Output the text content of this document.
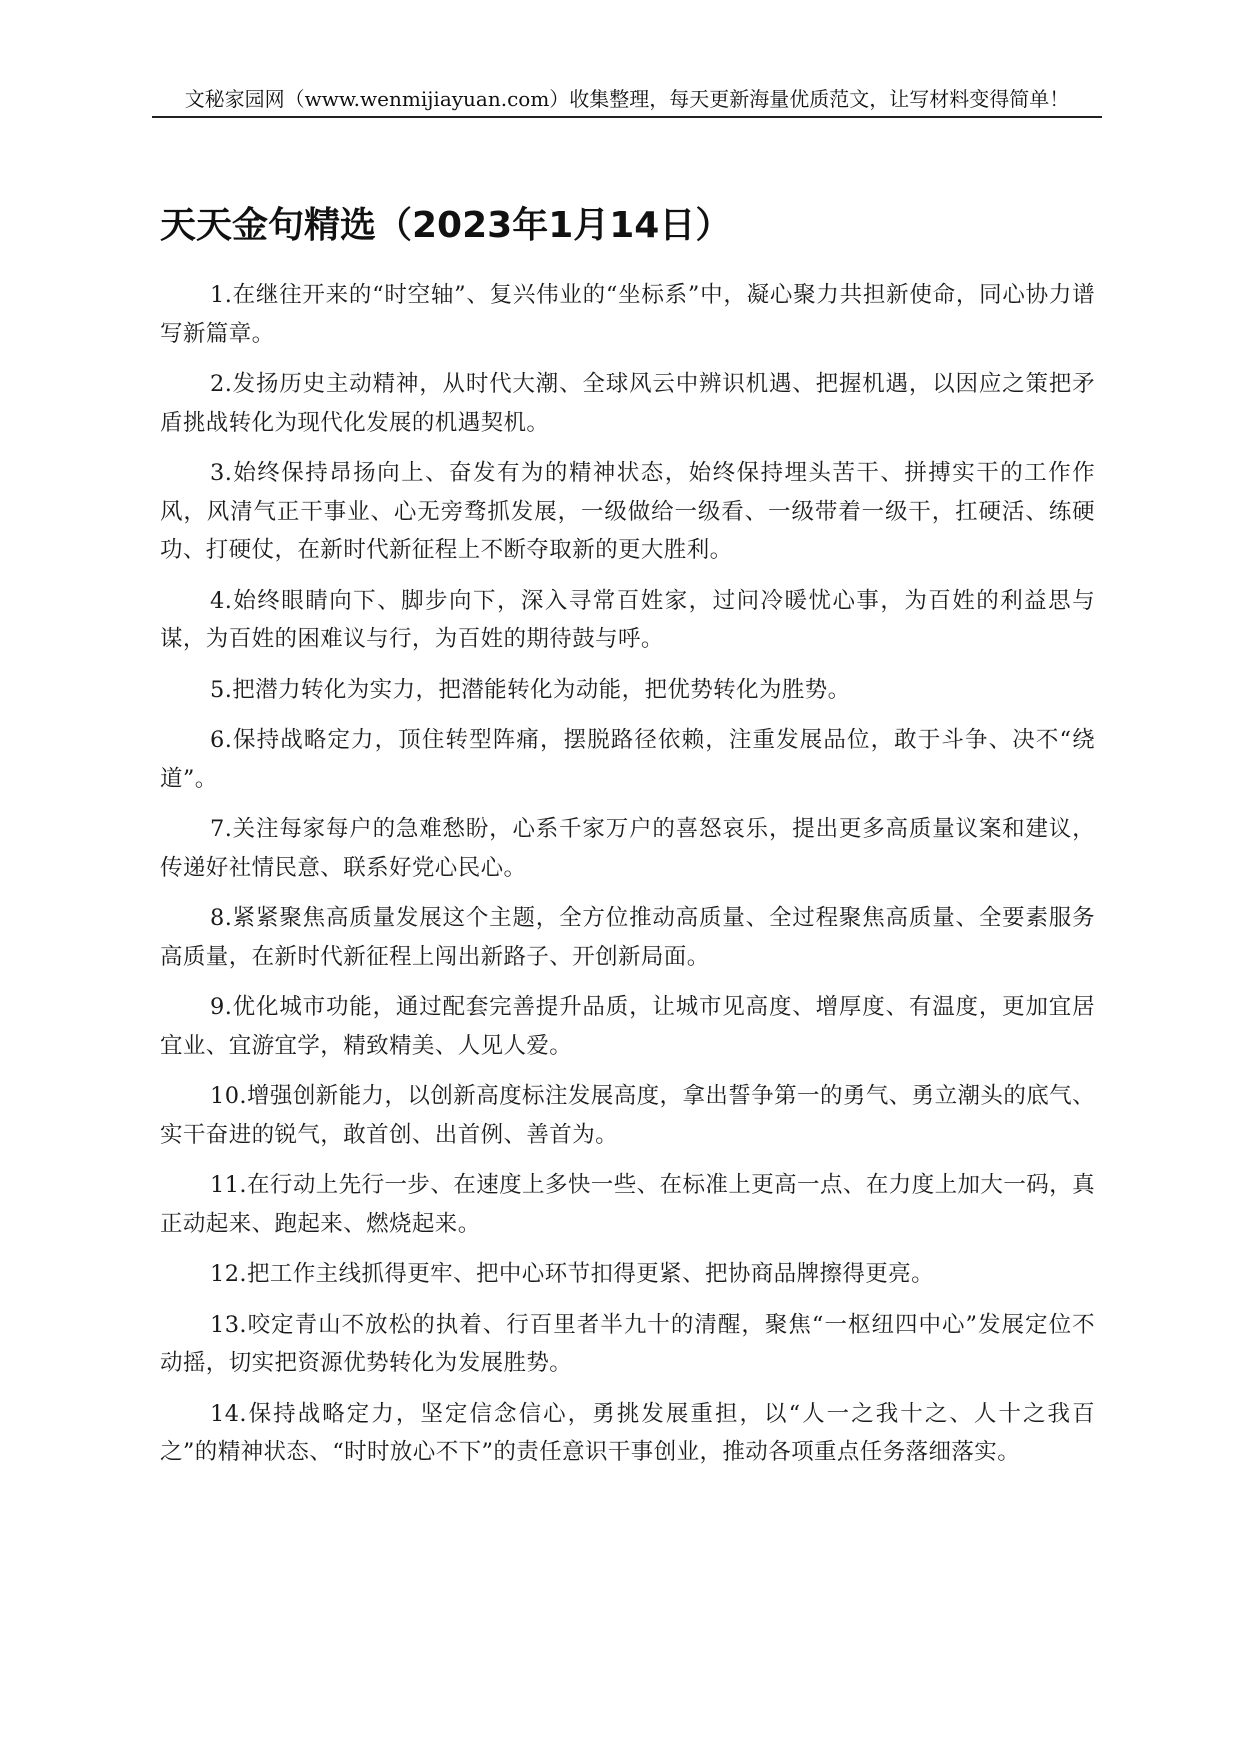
文秘家园网（www.wenmijiayuan.com）收集整理，每天更新海量优质范文，让写材料变得简单！
天天金句精选（2023年1月14日）

1.在继往开来的“时空轴”、复兴伟业的“坐标系”中，凝心聚力共担新使命，同心协力谱写新篇章。

2.发扬历史主动精神，从时代大潮、全球风云中辨识机遇、把握机遇，以因应之策把矛盾挑战转化为现代化发展的机遇契机。

3.始终保持昂扬向上、奋发有为的精神状态，始终保持埋头苦干、拼搏实干的工作作风，风清气正干事业、心无旁骛抓发展，一级做给一级看、一级带着一级干，扛硬活、练硬功、打硬仗，在新时代新征程上不断夺取新的更大胜利。

4.始终眼睛向下、脚步向下，深入寻常百姓家，过问冷暖忧心事，为百姓的利益思与谋，为百姓的困难议与行，为百姓的期待鼓与呼。

5.把潜力转化为实力，把潜能转化为动能，把优势转化为胜势。

6.保持战略定力，顶住转型阵痛，摆脱路径依赖，注重发展品位，敢于斗争、决不“绕道”。

7.关注每家每户的急难愁盼，心系千家万户的喜怒哀乐，提出更多高质量议案和建议，传递好社情民意、联系好党心民心。

8.紧紧聚焦高质量发展这个主题，全方位推动高质量、全过程聚焦高质量、全要素服务高质量，在新时代新征程上闯出新路子、开创新局面。

9.优化城市功能，通过配套完善提升品质，让城市见高度、增厚度、有温度，更加宜居宜业、宜游宜学，精致精美、人见人爱。

10.增强创新能力，以创新高度标注发展高度，拿出誓争第一的勇气、勇立潮头的底气、实干奋进的锐气，敢首创、出首例、善首为。

11.在行动上先行一步、在速度上多快一些、在标准上更高一点、在力度上加大一码，真正动起来、跑起来、燃烧起来。

12.把工作主线抓得更牢、把中心环节扣得更紧、把协商品牌擦得更亮。

13.咬定青山不放松的执着、行百里者半九十的清醒，聚焦“一枢纽四中心”发展定位不动摇，切实把资源优势转化为发展胜势。

14.保持战略定力，坚定信念信心，勇挑发展重担，以“人一之我十之、人十之我百之”的精神状态、“时时放心不下”的责任意识干事创业，推动各项重点任务落细落实。
